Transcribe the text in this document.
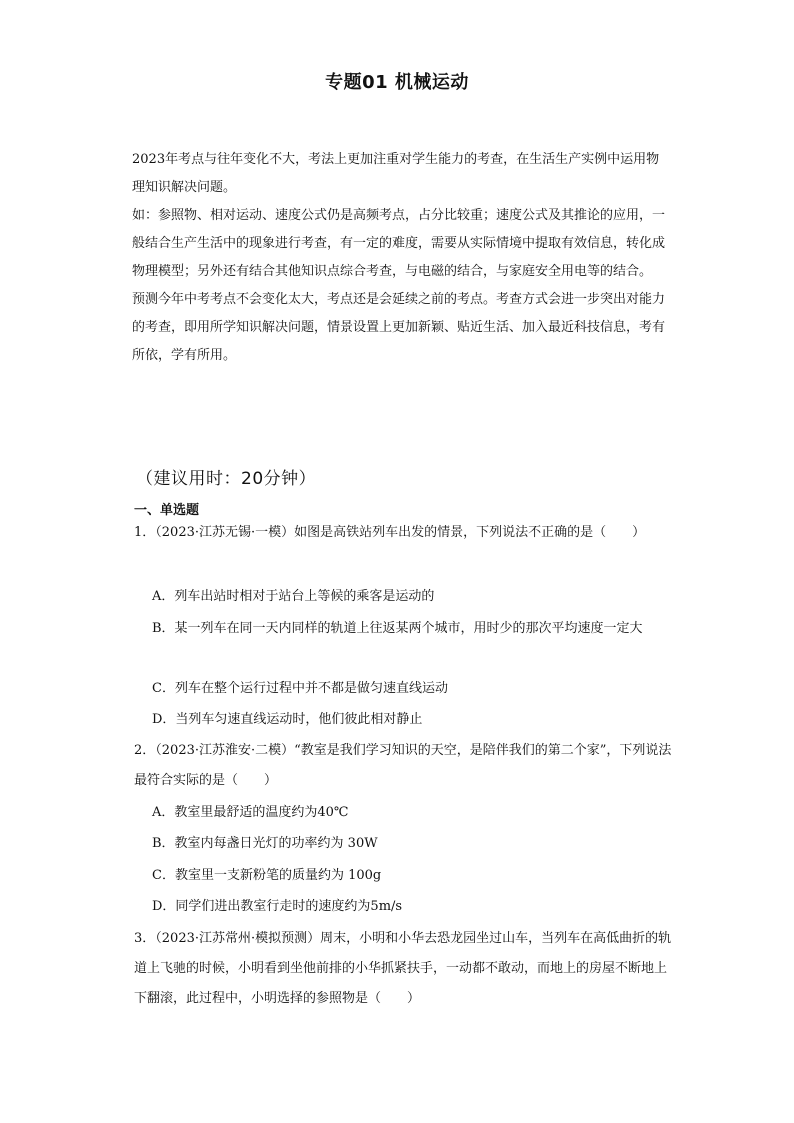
专题01 机械运动

2023年考点与往年变化不大，考法上更加注重对学生能力的考查，在生活生产实例中运用物理知识解决问题。

如：参照物、相对运动、速度公式仍是高频考点，占分比较重；速度公式及其推论的应用，一般结合生产生活中的现象进行考查，有一定的难度，需要从实际情境中提取有效信息，转化成物理模型；另外还有结合其他知识点综合考查，与电磁的结合，与家庭安全用电等的结合。

预测今年中考考点不会变化太大，考点还是会延续之前的考点。考查方式会进一步突出对能力的考查，即用所学知识解决问题，情景设置上更加新颖、贴近生活、加入最近科技信息，考有所依，学有所用。

（建议用时：20分钟）
一、单选题
1．（2023·江苏无锡·一模）如图是高铁站列车出发的情景，下列说法不正确的是（　　）
A．列车出站时相对于站台上等候的乘客是运动的
B．某一列车在同一天内同样的轨道上往返某两个城市，用时少的那次平均速度一定大
C．列车在整个运行过程中并不都是做匀速直线运动
D．当列车匀速直线运动时，他们彼此相对静止
2．（2023·江苏淮安·二模）“教室是我们学习知识的天空，是陪伴我们的第二个家”，下列说法最符合实际的是（　　）
A．教室里最舒适的温度约为40℃
B．教室内每盏日光灯的功率约为 30W
C．教室里一支新粉笔的质量约为 100g
D．同学们进出教室行走时的速度约为5m/s
3．（2023·江苏常州·模拟预测）周末，小明和小华去恐龙园坐过山车，当列车在高低曲折的轨道上飞驰的时候，小明看到坐他前排的小华抓紧扶手，一动都不敢动，而地上的房屋不断地上下翻滚，此过程中，小明选择的参照物是（　　）
